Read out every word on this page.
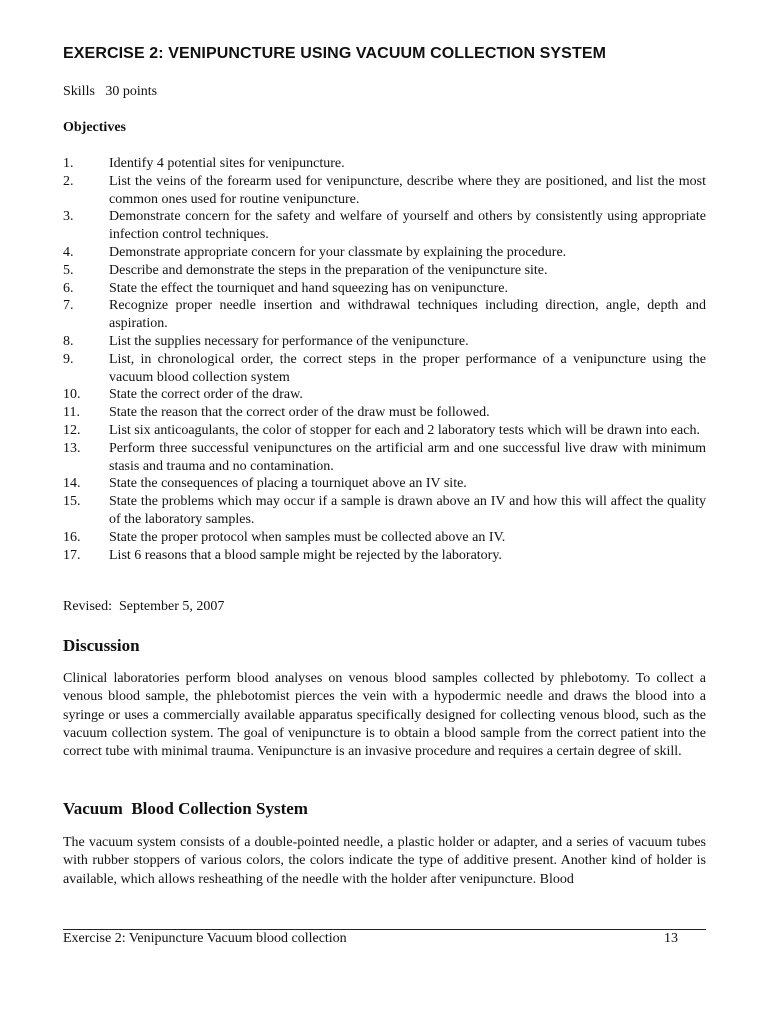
EXERCISE 2: VENIPUNCTURE USING VACUUM COLLECTION SYSTEM
Skills   30 points
Objectives
1.	Identify 4 potential sites for venipuncture.
2.	List the veins of the forearm used for venipuncture, describe where they are positioned, and list the most common ones used for routine venipuncture.
3.	Demonstrate concern for the safety and welfare of yourself and others by consistently using appropriate infection control techniques.
4.	Demonstrate appropriate concern for your classmate by explaining the procedure.
5.	Describe and demonstrate the steps in the preparation of the venipuncture site.
6.	State the effect the tourniquet and hand squeezing has on venipuncture.
7.	Recognize proper needle insertion and withdrawal techniques including direction, angle, depth and aspiration.
8.	List the supplies necessary for performance of the venipuncture.
9.	List, in chronological order, the correct steps in the proper performance of a venipuncture using the vacuum blood collection system
10. State the correct order of the draw.
11. State the reason that the correct order of the draw must be followed.
12. List six anticoagulants, the color of stopper for each and 2 laboratory tests which will be drawn into each.
13. Perform three successful venipunctures on the artificial arm and one successful live draw with minimum stasis and trauma and no contamination.
14. State the consequences of placing a tourniquet above an IV site.
15. State the problems which may occur if a sample is drawn above an IV and how this will affect the quality of the laboratory samples.
16. State the proper protocol when samples must be collected above an IV.
17. List 6 reasons that a blood sample might be rejected by the laboratory.
Revised:  September 5, 2007
Discussion

Clinical laboratories perform blood analyses on venous blood samples collected by phlebotomy. To collect a venous blood sample, the phlebotomist pierces the vein with a hypodermic needle and draws the blood into a syringe or uses a commercially available apparatus specifically designed for collecting venous blood, such as the vacuum collection system. The goal of venipuncture is to obtain a blood sample from the correct patient into the correct tube with minimal trauma. Venipuncture is an invasive procedure and requires a certain degree of skill.

Vacuum  Blood Collection System

The vacuum system consists of a double-pointed needle, a plastic holder or adapter, and a series of vacuum tubes with rubber stoppers of various colors, the colors indicate the type of additive present. Another kind of holder is available, which allows resheathing of the needle with the holder after venipuncture. Blood

Exercise 2: Venipuncture Vacuum blood collection	13
